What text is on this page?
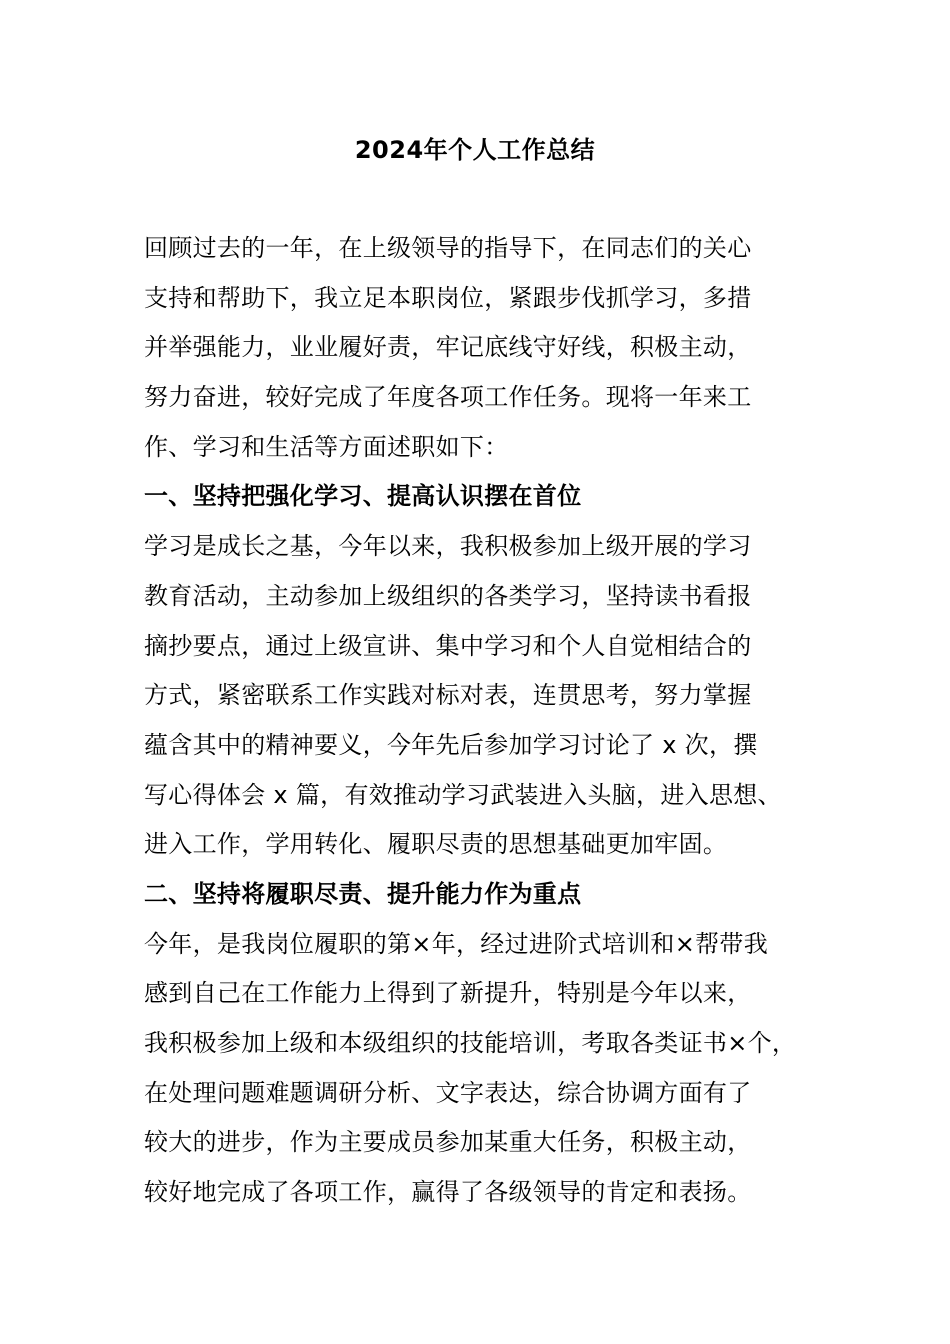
2024年个人工作总结
回顾过去的一年，在上级领导的指导下，在同志们的关心
支持和帮助下，我立足本职岗位，紧跟步伐抓学习，多措
并举强能力，业业履好责，牢记底线守好线，积极主动，
努力奋进，较好完成了年度各项工作任务。现将一年来工
作、学习和生活等方面述职如下：
一、坚持把强化学习、提高认识摆在首位
学习是成长之基，今年以来，我积极参加上级开展的学习
教育活动，主动参加上级组织的各类学习，坚持读书看报
摘抄要点，通过上级宣讲、集中学习和个人自觉相结合的
方式，紧密联系工作实践对标对表，连贯思考，努力掌握
蕴含其中的精神要义，今年先后参加学习讨论了 x 次，撰
写心得体会 x 篇，有效推动学习武装进入头脑，进入思想、
进入工作，学用转化、履职尽责的思想基础更加牢固。
二、坚持将履职尽责、提升能力作为重点
今年，是我岗位履职的第×年，经过进阶式培训和×帮带我
感到自己在工作能力上得到了新提升，特别是今年以来，
我积极参加上级和本级组织的技能培训，考取各类证书×个，
在处理问题难题调研分析、文字表达，综合协调方面有了
较大的进步，作为主要成员参加某重大任务，积极主动，
较好地完成了各项工作，赢得了各级领导的肯定和表扬。
